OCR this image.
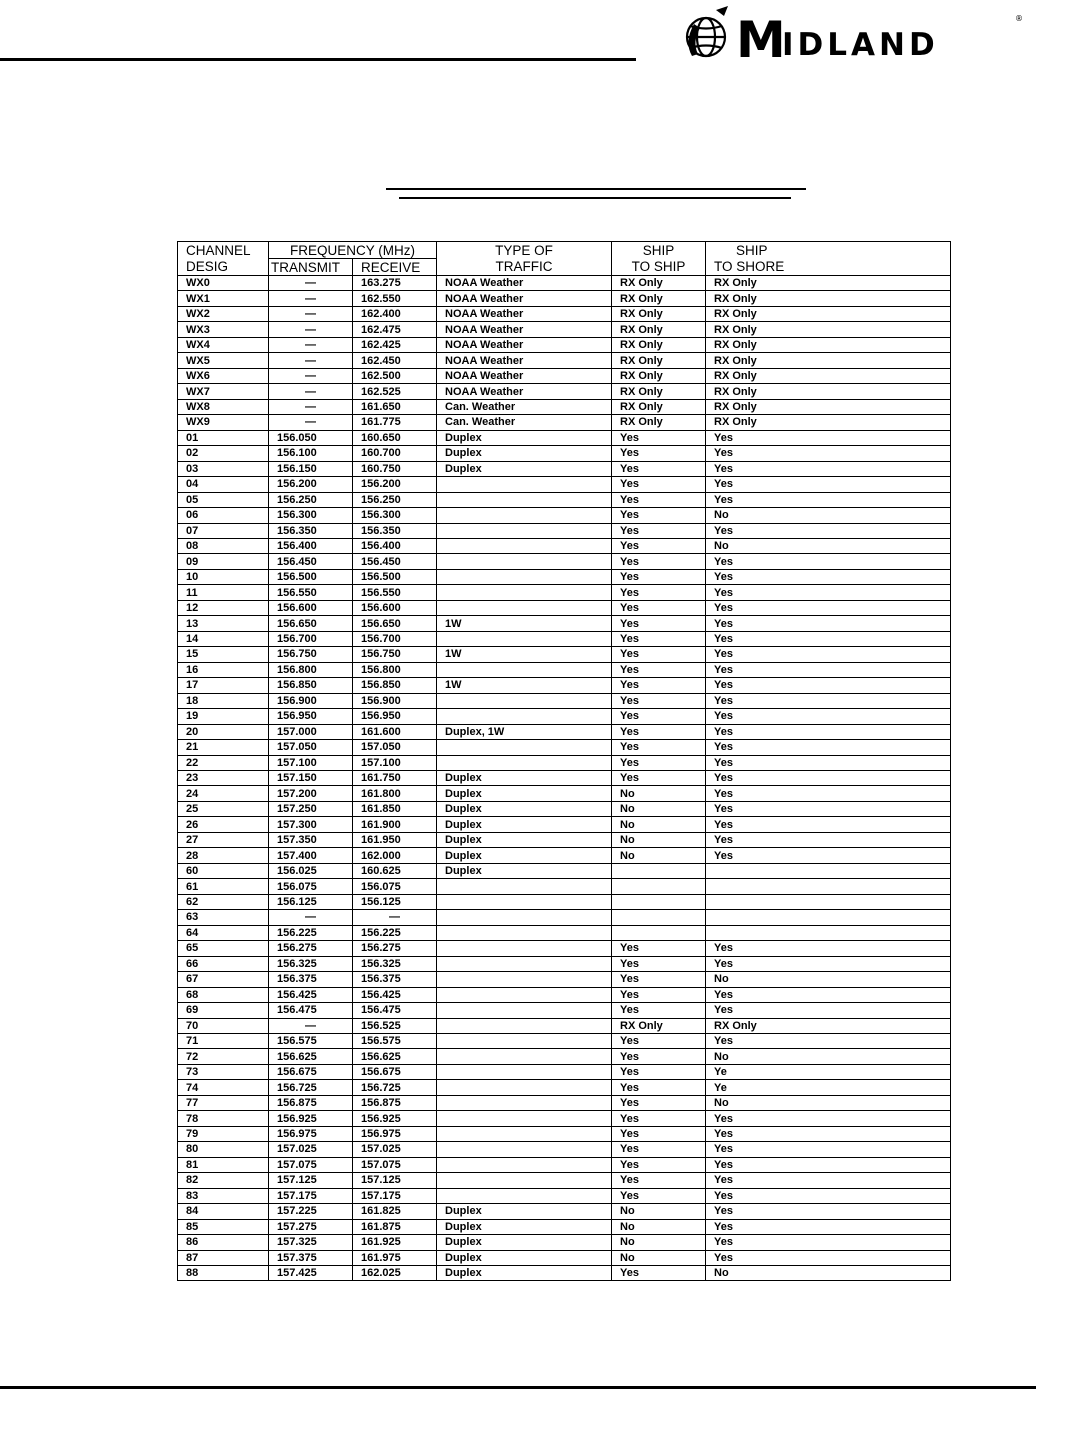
M
IDLAND
®
CHANNEL	FREQUENCY (MHz)		TYPE OF	SHIP	SHIP
DESIG	TRANSMIT	RECEIVE	TRAFFIC	TO SHIP	TO SHORE
WX0	—	163.275	NOAA Weather	RX Only	RX Only
WX1	—	162.550	NOAA Weather	RX Only	RX Only
WX2	—	162.400	NOAA Weather	RX Only	RX Only
WX3	—	162.475	NOAA Weather	RX Only	RX Only
WX4	—	162.425	NOAA Weather	RX Only	RX Only
WX5	—	162.450	NOAA Weather	RX Only	RX Only
WX6	—	162.500	NOAA Weather	RX Only	RX Only
WX7	—	162.525	NOAA Weather	RX Only	RX Only
WX8	—	161.650	Can. Weather	RX Only	RX Only
WX9	—	161.775	Can. Weather	RX Only	RX Only
01	156.050	160.650	Duplex	Yes	Yes
02	156.100	160.700	Duplex	Yes	Yes
03	156.150	160.750	Duplex	Yes	Yes
04	156.200	156.200		Yes	Yes
05	156.250	156.250		Yes	Yes
06	156.300	156.300		Yes	No
07	156.350	156.350		Yes	Yes
08	156.400	156.400		Yes	No
09	156.450	156.450		Yes	Yes
10	156.500	156.500		Yes	Yes
11	156.550	156.550		Yes	Yes
12	156.600	156.600		Yes	Yes
13	156.650	156.650	1W	Yes	Yes
14	156.700	156.700		Yes	Yes
15	156.750	156.750	1W	Yes	Yes
16	156.800	156.800		Yes	Yes
17	156.850	156.850	1W	Yes	Yes
18	156.900	156.900		Yes	Yes
19	156.950	156.950		Yes	Yes
20	157.000	161.600	Duplex, 1W	Yes	Yes
21	157.050	157.050		Yes	Yes
22	157.100	157.100		Yes	Yes
23	157.150	161.750	Duplex	Yes	Yes
24	157.200	161.800	Duplex	No	Yes
25	157.250	161.850	Duplex	No	Yes
26	157.300	161.900	Duplex	No	Yes
27	157.350	161.950	Duplex	No	Yes
28	157.400	162.000	Duplex	No	Yes
60	156.025	160.625	Duplex		
61	156.075	156.075			
62	156.125	156.125			
63	—	—			
64	156.225	156.225			
65	156.275	156.275		Yes	Yes
66	156.325	156.325		Yes	Yes
67	156.375	156.375		Yes	No
68	156.425	156.425		Yes	Yes
69	156.475	156.475		Yes	Yes
70	—	156.525		RX Only	RX Only
71	156.575	156.575		Yes	Yes
72	156.625	156.625		Yes	No
73	156.675	156.675		Yes	Ye
74	156.725	156.725		Yes	Ye
77	156.875	156.875		Yes	No
78	156.925	156.925		Yes	Yes
79	156.975	156.975		Yes	Yes
80	157.025	157.025		Yes	Yes
81	157.075	157.075		Yes	Yes
82	157.125	157.125		Yes	Yes
83	157.175	157.175		Yes	Yes
84	157.225	161.825	Duplex	No	Yes
85	157.275	161.875	Duplex	No	Yes
86	157.325	161.925	Duplex	No	Yes
87	157.375	161.975	Duplex	No	Yes
88	157.425	162.025	Duplex	Yes	No
